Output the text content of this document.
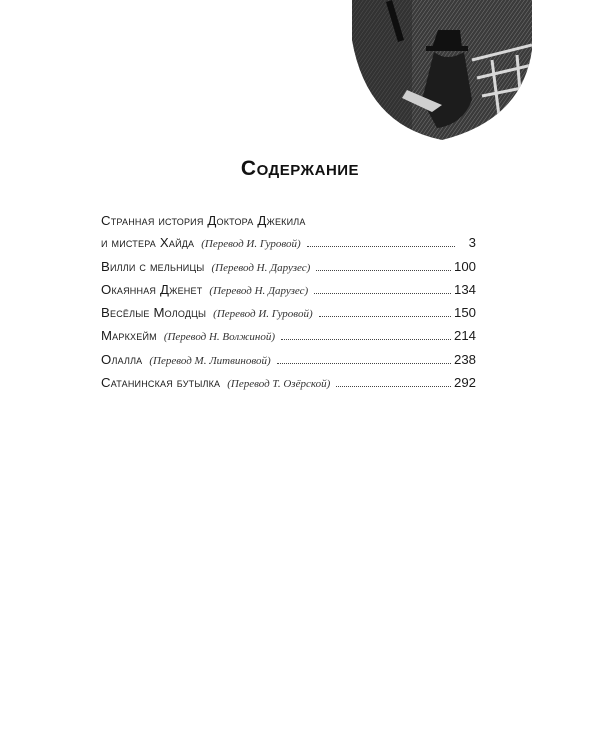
Содержание
Странная история Доктора Джекила
и мистера Хайда (Перевод И. Гуровой)	3
Вилли с мельницы (Перевод Н. Дарузес)	100
Окаянная Дженет (Перевод Н. Дарузес)	134
Весёлые Молодцы (Перевод И. Гуровой)	150
Маркхейм (Перевод Н. Волжиной)	214
Олалла (Перевод М. Литвиновой)	238
Сатанинская бутылка (Перевод Т. Озёрской)	292
